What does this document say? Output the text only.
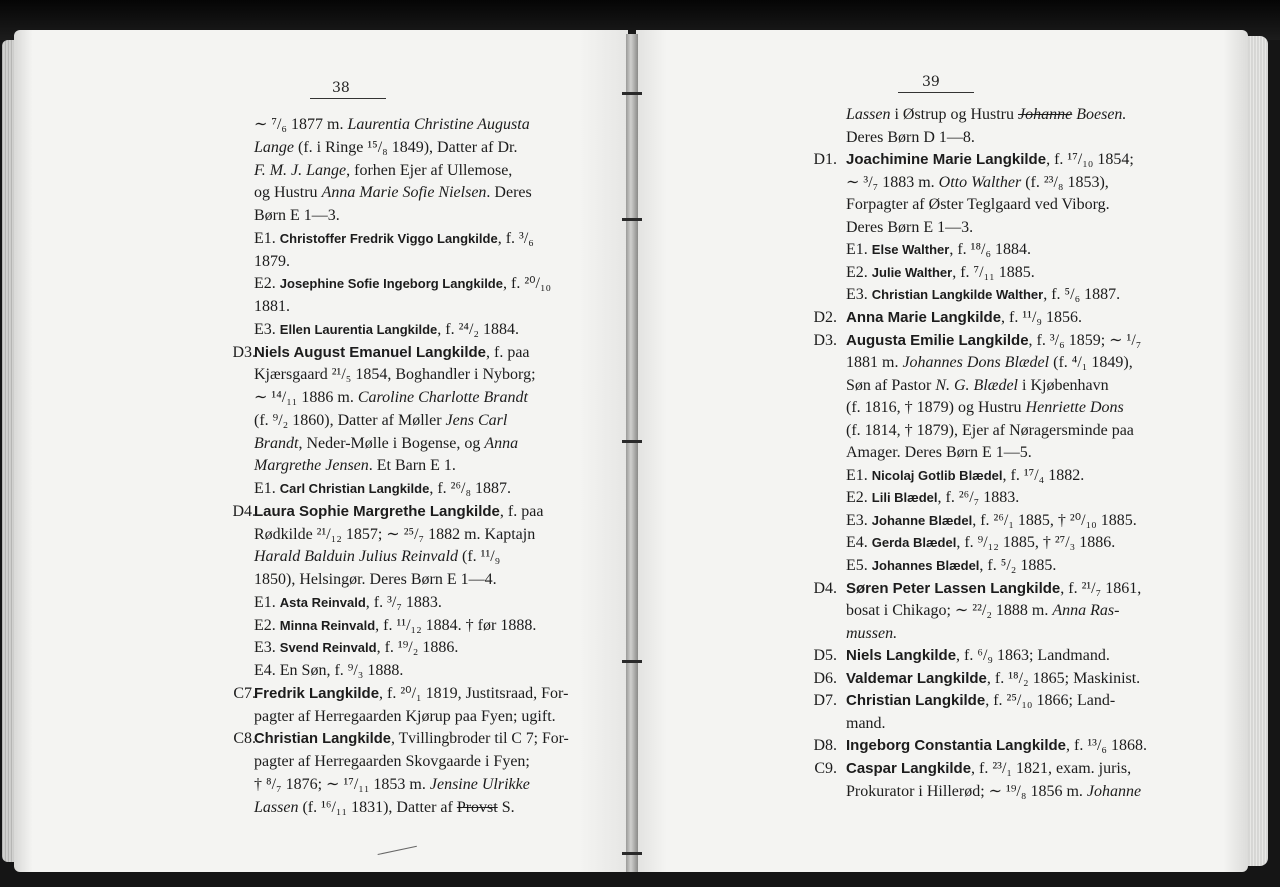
38
∼ ⁷/₆ 1877 m. Laurentia Christine Augusta
Lange (f. i Ringe ¹⁵/₈ 1849), Datter af Dr.
F. M. J. Lange, forhen Ejer af Ullemose,
og Hustru Anna Marie Sofie Nielsen. Deres
Børn E 1—3.
E1. Christoffer Fredrik Viggo Langkilde, f. ³/₆
1879.
E2. Josephine Sofie Ingeborg Langkilde, f. ²⁰/₁₀
1881.
E3. Ellen Laurentia Langkilde, f. ²⁴/₂ 1884.
D3.
Niels August Emanuel Langkilde, f. paa
Kjærsgaard ²¹/₅ 1854, Boghandler i Nyborg;
∼ ¹⁴/₁₁ 1886 m. Caroline Charlotte Brandt
(f. ⁹/₂ 1860), Datter af Møller Jens Carl
Brandt, Neder-Mølle i Bogense, og Anna
Margrethe Jensen. Et Barn E 1.
E1. Carl Christian Langkilde, f. ²⁶/₈ 1887.
D4.
Laura Sophie Margrethe Langkilde, f. paa
Rødkilde ²¹/₁₂ 1857; ∼ ²⁵/₇ 1882 m. Kaptajn
Harald Balduin Julius Reinvald (f. ¹¹/₉
1850), Helsingør. Deres Børn E 1—4.
E1. Asta Reinvald, f. ³/₇ 1883.
E2. Minna Reinvald, f. ¹¹/₁₂ 1884. † før 1888.
E3. Svend Reinvald, f. ¹⁹/₂ 1886.
E4. En Søn, f. ⁹/₃ 1888.
C7.
Fredrik Langkilde, f. ²⁰/₁ 1819, Justitsraad, For-
pagter af Herregaarden Kjørup paa Fyen; ugift.
C8.
Christian Langkilde, Tvillingbroder til C 7; For-
pagter af Herregaarden Skovgaarde i Fyen;
† ⁸/₇ 1876; ∼ ¹⁷/₁₁ 1853 m. Jensine Ulrikke
Lassen (f. ¹⁶/₁₁ 1831), Datter af Provst S.
39
Lassen i Østrup og Hustru Johanne Boesen.
Deres Børn D 1—8.
D1. Joachimine Marie Langkilde, f. ¹⁷/₁₀ 1854;
∼ ³/₇ 1883 m. Otto Walther (f. ²³/₈ 1853),
Forpagter af Øster Teglgaard ved Viborg.
Deres Børn E 1—3.
E1. Else Walther, f. ¹⁸/₆ 1884.
E2. Julie Walther, f. ⁷/₁₁ 1885.
E3. Christian Langkilde Walther, f. ⁵/₆ 1887.
D2. Anna Marie Langkilde, f. ¹¹/₉ 1856.
D3. Augusta Emilie Langkilde, f. ³/₆ 1859; ∼ ¹/₇
1881 m. Johannes Dons Blædel (f. ⁴/₁ 1849),
Søn af Pastor N. G. Blædel i Kjøbenhavn
(f. 1816, † 1879) og Hustru Henriette Dons
(f. 1814, † 1879), Ejer af Nøragersminde paa
Amager. Deres Børn E 1—5.
E1. Nicolaj Gotlib Blædel, f. ¹⁷/₄ 1882.
E2. Lili Blædel, f. ²⁶/₇ 1883.
E3. Johanne Blædel, f. ²⁶/₁ 1885, † ²⁰/₁₀ 1885.
E4. Gerda Blædel, f. ⁹/₁₂ 1885, † ²⁷/₃ 1886.
E5. Johannes Blædel, f. ⁵/₂ 1885.
D4. Søren Peter Lassen Langkilde, f. ²¹/₇ 1861,
bosat i Chikago; ∼ ²²/₂ 1888 m. Anna Ras-
mussen.
D5. Niels Langkilde, f. ⁶/₉ 1863; Landmand.
D6. Valdemar Langkilde, f. ¹⁸/₂ 1865; Maskinist.
D7. Christian Langkilde, f. ²⁵/₁₀ 1866; Land-
mand.
D8. Ingeborg Constantia Langkilde, f. ¹³/₆ 1868.
C9. Caspar Langkilde, f. ²³/₁ 1821, exam. juris,
Prokurator i Hillerød; ∼ ¹⁹/₈ 1856 m. Johanne
